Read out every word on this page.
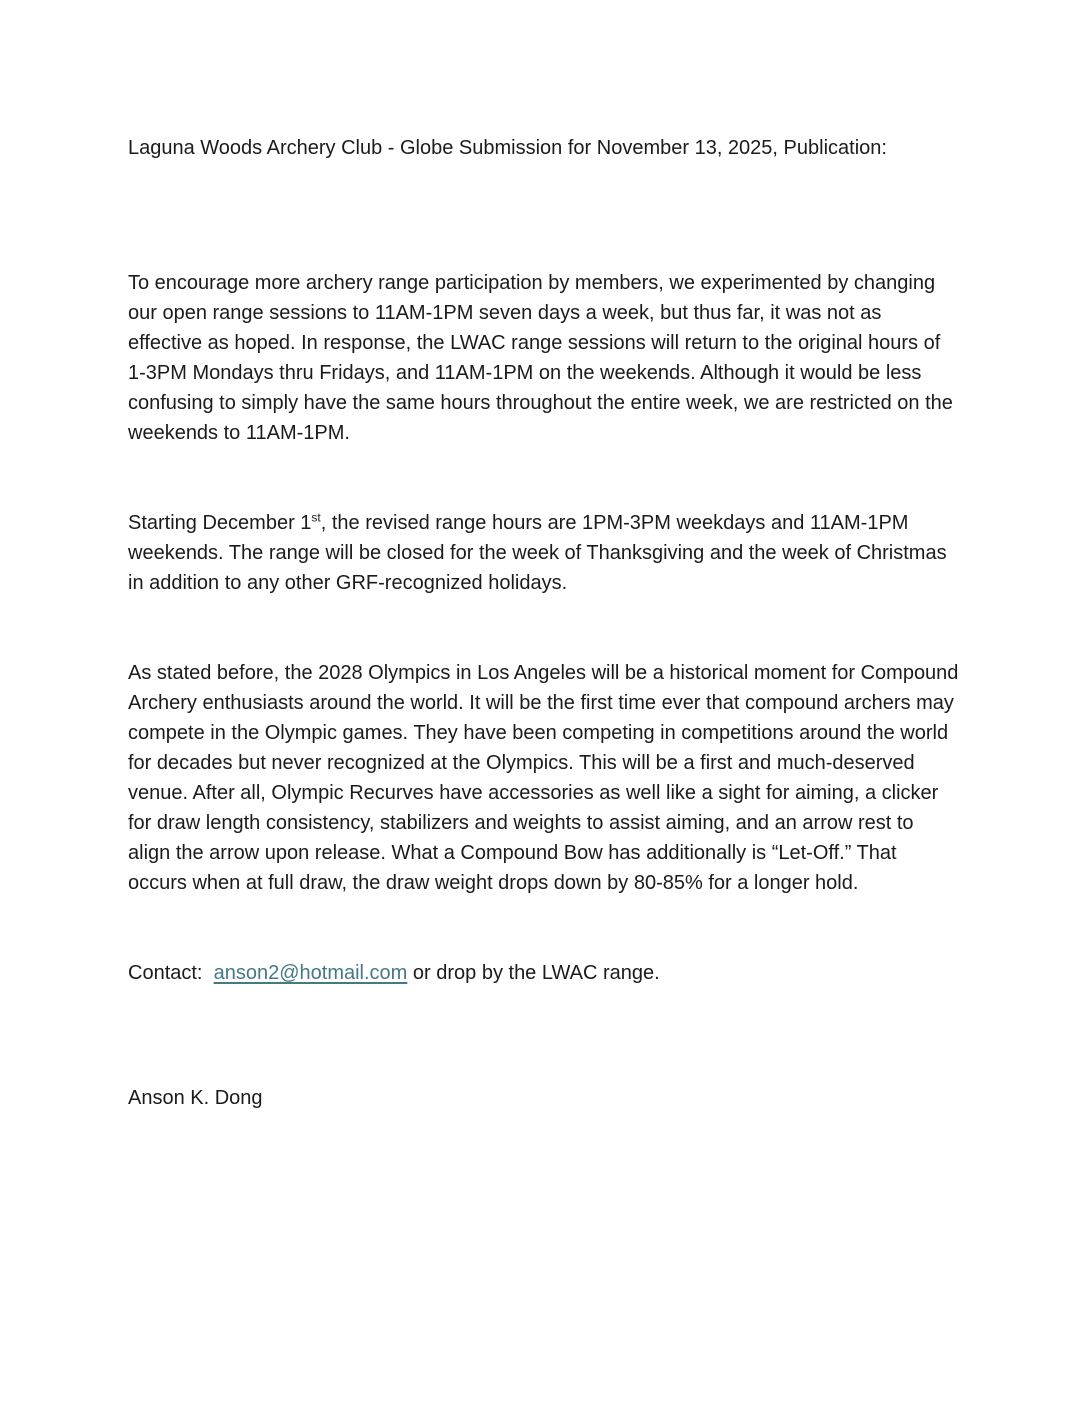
Laguna Woods Archery Club - Globe Submission for November 13, 2025, Publication:

To encourage more archery range participation by members, we experimented by changing our open range sessions to 11AM-1PM seven days a week, but thus far, it was not as effective as hoped. In response, the LWAC range sessions will return to the original hours of 1-3PM Mondays thru Fridays, and 11AM-1PM on the weekends. Although it would be less confusing to simply have the same hours throughout the entire week, we are restricted on the weekends to 11AM-1PM.

Starting December 1st, the revised range hours are 1PM-3PM weekdays and 11AM-1PM weekends. The range will be closed for the week of Thanksgiving and the week of Christmas in addition to any other GRF-recognized holidays.

As stated before, the 2028 Olympics in Los Angeles will be a historical moment for Compound Archery enthusiasts around the world. It will be the first time ever that compound archers may compete in the Olympic games. They have been competing in competitions around the world for decades but never recognized at the Olympics. This will be a first and much-deserved venue. After all, Olympic Recurves have accessories as well like a sight for aiming, a clicker for draw length consistency, stabilizers and weights to assist aiming, and an arrow rest to align the arrow upon release. What a Compound Bow has additionally is “Let-Off.” That occurs when at full draw, the draw weight drops down by 80-85% for a longer hold.

Contact:  anson2@hotmail.com or drop by the LWAC range.

Anson K. Dong
